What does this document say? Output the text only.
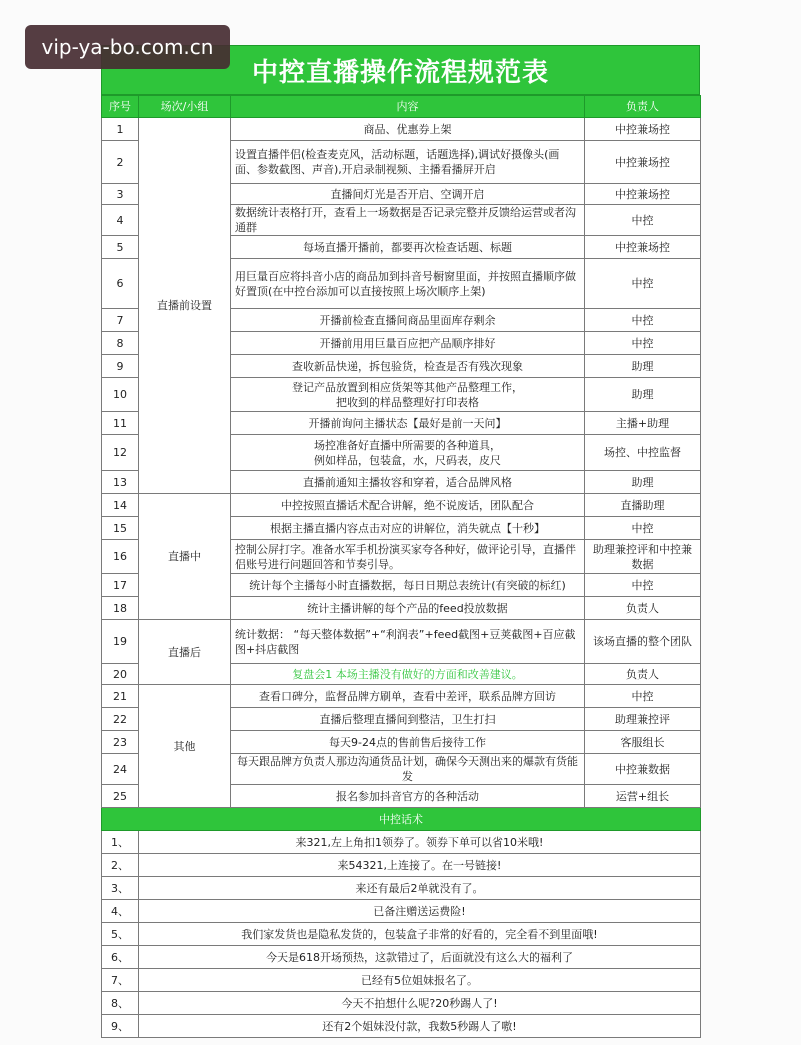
vip-ya-bo.com.cn
中控直播操作流程规范表
序号	场次/小组	内容	负责人
1	直播前设置	商品、优惠券上架	中控兼场控
2		设置直播伴侣(检查麦克风，活动标题，话题选择),调试好摄像头(画面、参数截图、声音),开启录制视频、主播看播屏开启	中控兼场控
3		直播间灯光是否开启、空调开启	中控兼场控
4		数据统计表格打开，查看上一场数据是否记录完整并反馈给运营或者沟通群	中控
5		每场直播开播前，都要再次检查话题、标题	中控兼场控
6		用巨量百应将抖音小店的商品加到抖音号橱窗里面，并按照直播顺序做好置顶(在中控台添加可以直接按照上场次顺序上架)	中控
7		开播前检查直播间商品里面库存剩余	中控
8		开播前用用巨量百应把产品顺序排好	中控
9		查收新品快递，拆包验货，检查是否有残次现象	助理
10		登记产品放置到相应货架等其他产品整理工作，
把收到的样品整理好打印表格	助理
11		开播前询问主播状态【最好是前一天问】	主播+助理
12		场控准备好直播中所需要的各种道具，
例如样品，包装盒，水，尺码表，皮尺	场控、中控监督
13		直播前通知主播妆容和穿着，适合品牌风格	助理
14	直播中	中控按照直播话术配合讲解，绝不说废话，团队配合	直播助理
15		根据主播直播内容点击对应的讲解位，消失就点【十秒】	中控
16		控制公屏打字。准备水军手机扮演买家夸各种好，做评论引导，直播伴侣账号进行问题回答和节奏引导。	助理兼控评和中控兼数据
17		统计每个主播每小时直播数据，每日日期总表统计(有突破的标红)	中控
18		统计主播讲解的每个产品的feed投放数据	负责人
19	直播后	统计数据： “每天整体数据”+“利润表”+feed截图+豆荚截图+百应截图+抖店截图	该场直播的整个团队
20		复盘会1 本场主播没有做好的方面和改善建议。	负责人
21	其他	查看口碑分，监督品牌方刷单，查看中差评，联系品牌方回访	中控
22		直播后整理直播间到整洁，卫生打扫	助理兼控评
23		每天9-24点的售前售后接待工作	客服组长
24		每天跟品牌方负责人那边沟通货品计划，确保今天测出来的爆款有货能发	中控兼数据
25		报名参加抖音官方的各种活动	运营+组长
中控话术			
1、	来321,左上角扣1领券了。领券下单可以省10米哦!		
2、	来54321,上连接了。在一号链接!		
3、	来还有最后2单就没有了。		
4、	已备注赠送运费险!		
5、	我们家发货也是隐私发货的，包装盒子非常的好看的，完全看不到里面哦!		
6、	今天是618开场预热，这款错过了，后面就没有这么大的福利了		
7、	已经有5位姐妹报名了。		
8、	今天不拍想什么呢?20秒踢人了!		
9、	还有2个姐妹没付款，我数5秒踢人了嗷!		
